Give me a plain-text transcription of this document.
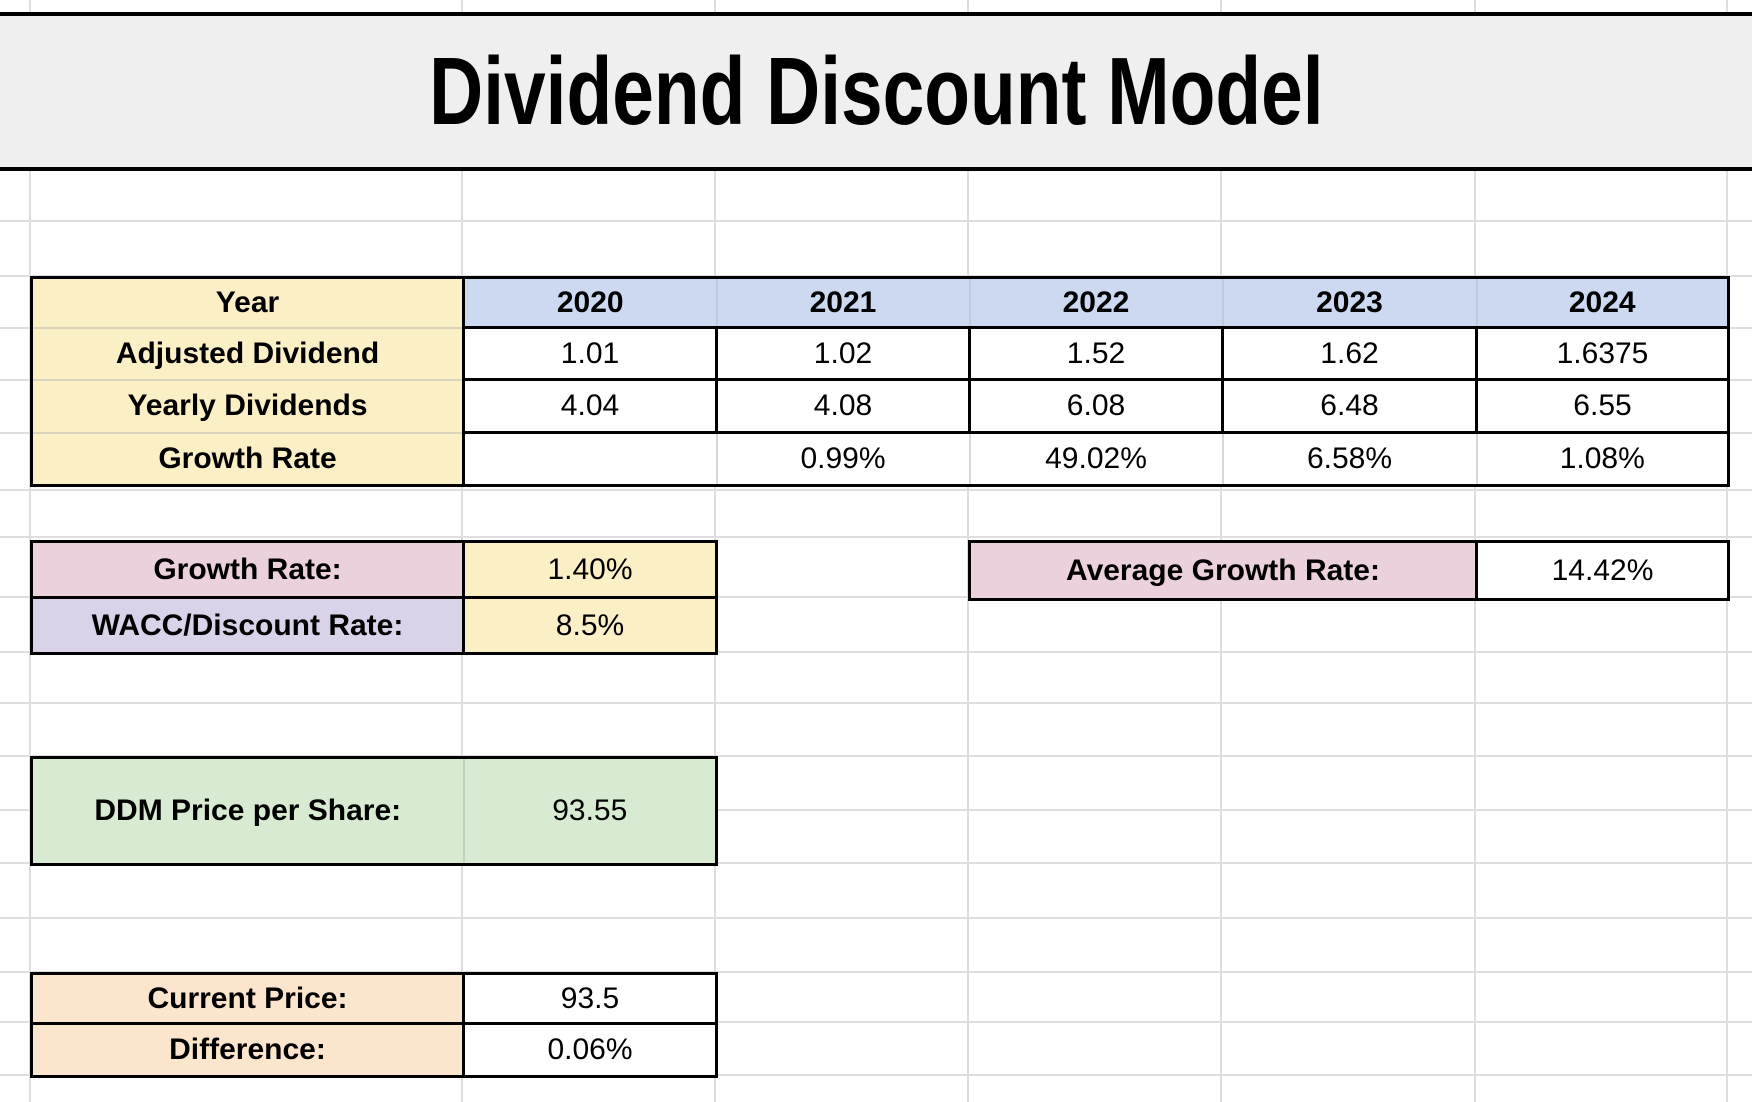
Dividend Discount Model
Year	2020	2021	2022	2023	2024
Adjusted Dividend	1.01	1.02	1.52	1.62	1.6375
Yearly Dividends	4.04	4.08	6.08	6.48	6.55
Growth Rate		0.99%	49.02%	6.58%	1.08%
Growth Rate:	1.40%
WACC/Discount Rate:	8.5%
Average Growth Rate:	14.42%
DDM Price per Share:	93.55
Current Price:	93.5
Difference:	0.06%
